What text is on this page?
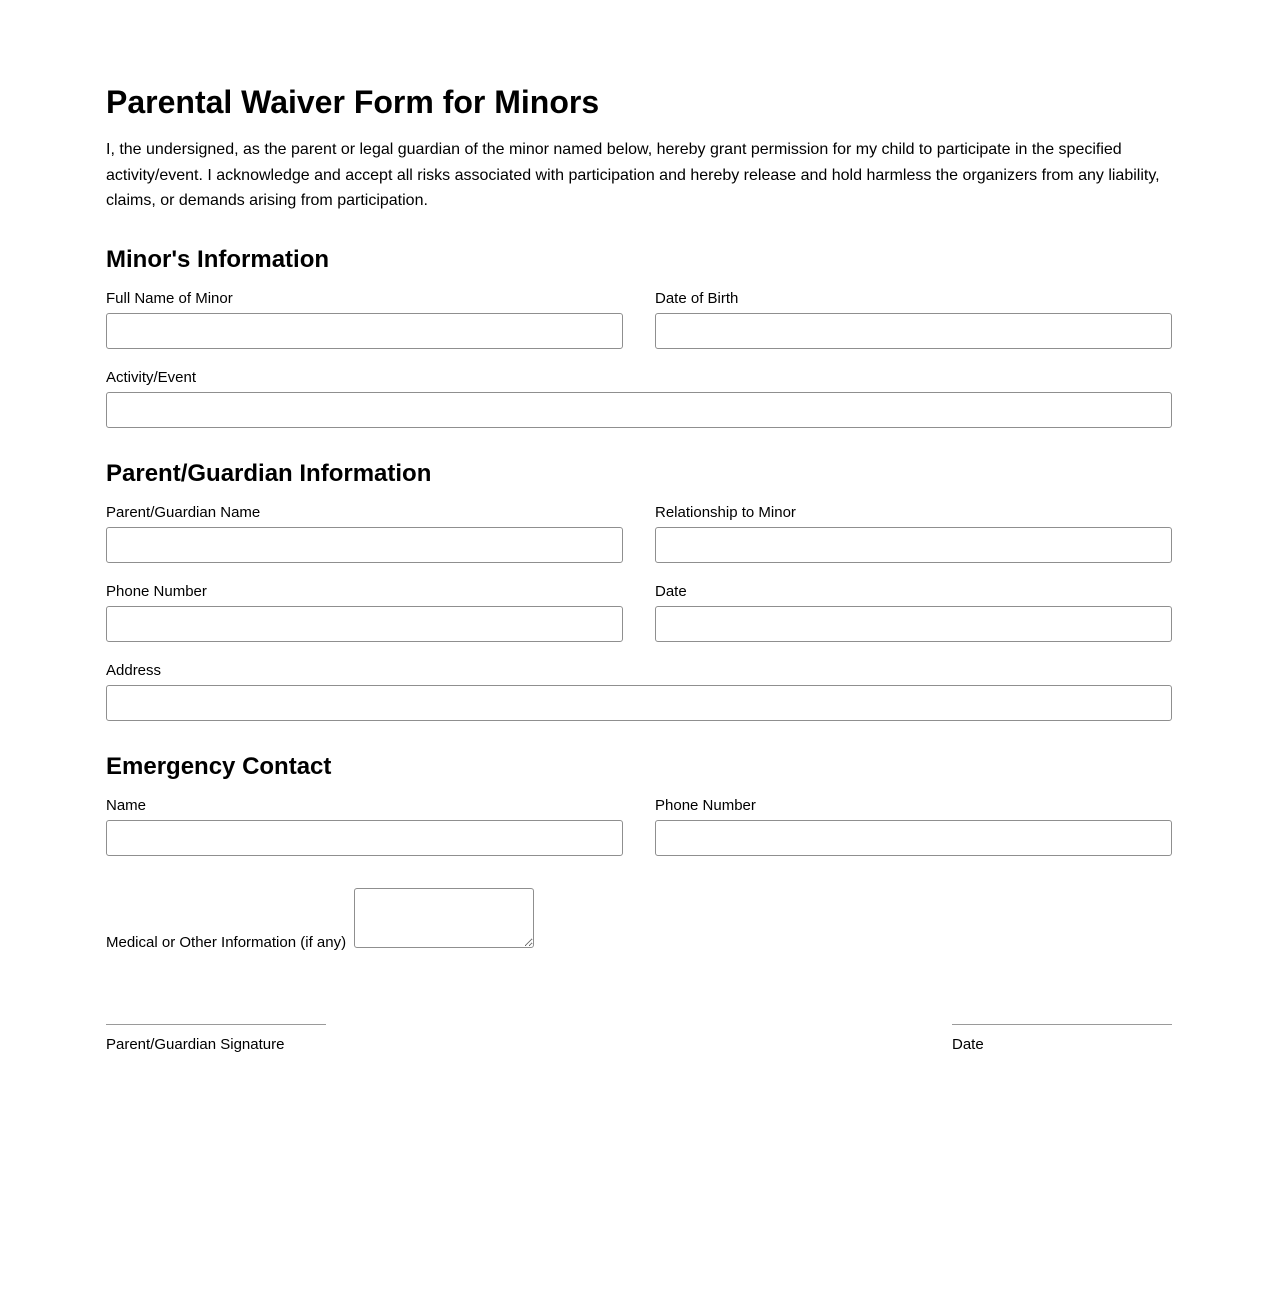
Parental Waiver Form for Minors

I, the undersigned, as the parent or legal guardian of the minor named below, hereby grant permission for my child to participate in the specified activity/event. I acknowledge and accept all risks associated with participation and hereby release and hold harmless the organizers from any liability, claims, or demands arising from participation.

Minor's Information
Full Name of Minor	Date of Birth
Activity/Event
Parent/Guardian Information
Parent/Guardian Name	Relationship to Minor
Phone Number	Date
Address
Emergency Contact
Name	Phone Number
Medical or Other Information (if any)
Parent/Guardian Signature	Date
